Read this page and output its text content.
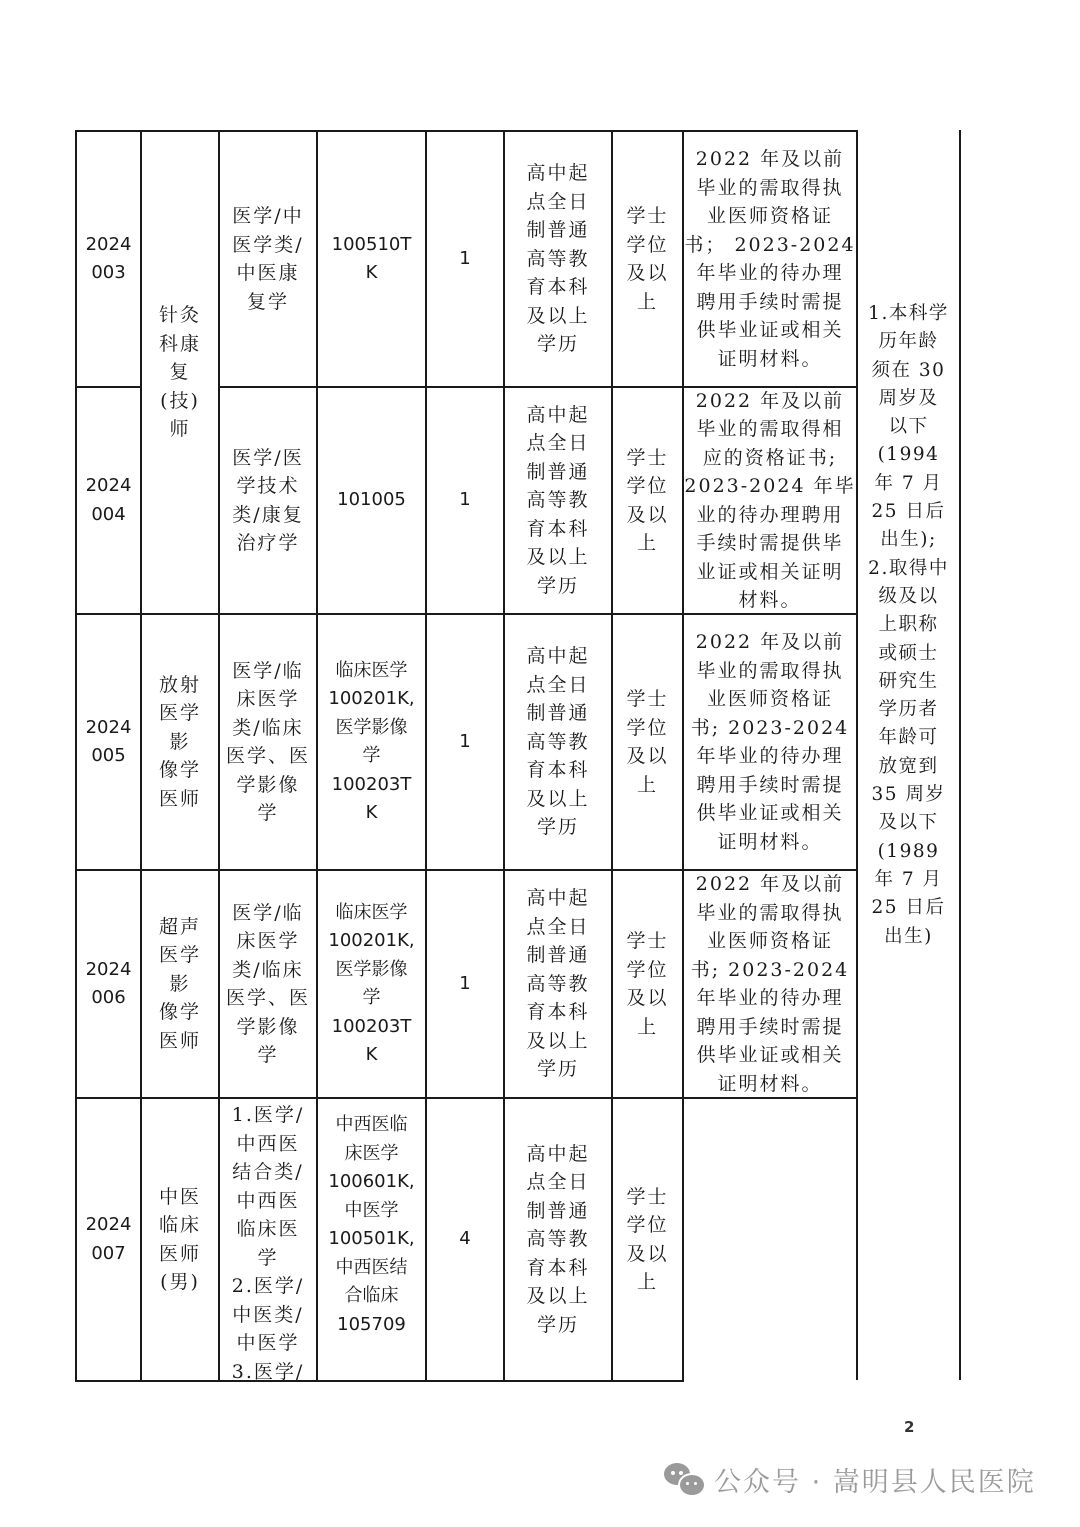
2024
003
针灸
科康
复
(技)
师
医学/中
医学类/
中医康
复学
100510T
K
1
高中起
点全日
制普通
高等教
育本科
及以上
学历
学士
学位
及以
上
2022 年及以前
毕业的需取得执
业医师资格证
书； 2023-2024
年毕业的待办理
聘用手续时需提
供毕业证或相关
证明材料。
2024
004
医学/医
学技术
类/康复
治疗学
101005	1
高中起
点全日
制普通
高等教
育本科
及以上
学历
学士
学位
及以
上
2022 年及以前
毕业的需取得相
应的资格证书;
2023-2024 年毕
业的待办理聘用
手续时需提供毕
业证或相关证明
材料。
2024
005
放射
医学
影
像学
医师
医学/临
床医学
类/临床
医学、医
学影像
学
临床医学
100201K,
医学影像
学
100203T
K
1
高中起
点全日
制普通
高等教
育本科
及以上
学历
学士
学位
及以
上
2022 年及以前
毕业的需取得执
业医师资格证
书; 2023-2024
年毕业的待办理
聘用手续时需提
供毕业证或相关
证明材料。
2024
006
超声
医学
影
像学
医师
医学/临
床医学
类/临床
医学、医
学影像
学
临床医学
100201K,
医学影像
学
100203T
K
1
高中起
点全日
制普通
高等教
育本科
及以上
学历
学士
学位
及以
上
2022 年及以前
毕业的需取得执
业医师资格证
书; 2023-2024
年毕业的待办理
聘用手续时需提
供毕业证或相关
证明材料。
2024
007
中医
临床
医师
(男)
1.医学/
中西医
结合类/
中西医
临床医
学
2.医学/
中医类/
中医学
3.医学/
中西医临
床医学
100601K,
中医学
100501K,
中西医结
合临床
105709
4
高中起
点全日
制普通
高等教
育本科
及以上
学历
学士
学位
及以
上
1.本科学
历年龄
须在 30
周岁及
以下
(1994
年 7 月
25 日后
出生);
2.取得中
级及以
上职称
或硕士
研究生
学历者
年龄可
放宽到
35 周岁
及以下
(1989
年 7 月
25 日后
出生)
2
公众号 · 嵩明县人民医院
